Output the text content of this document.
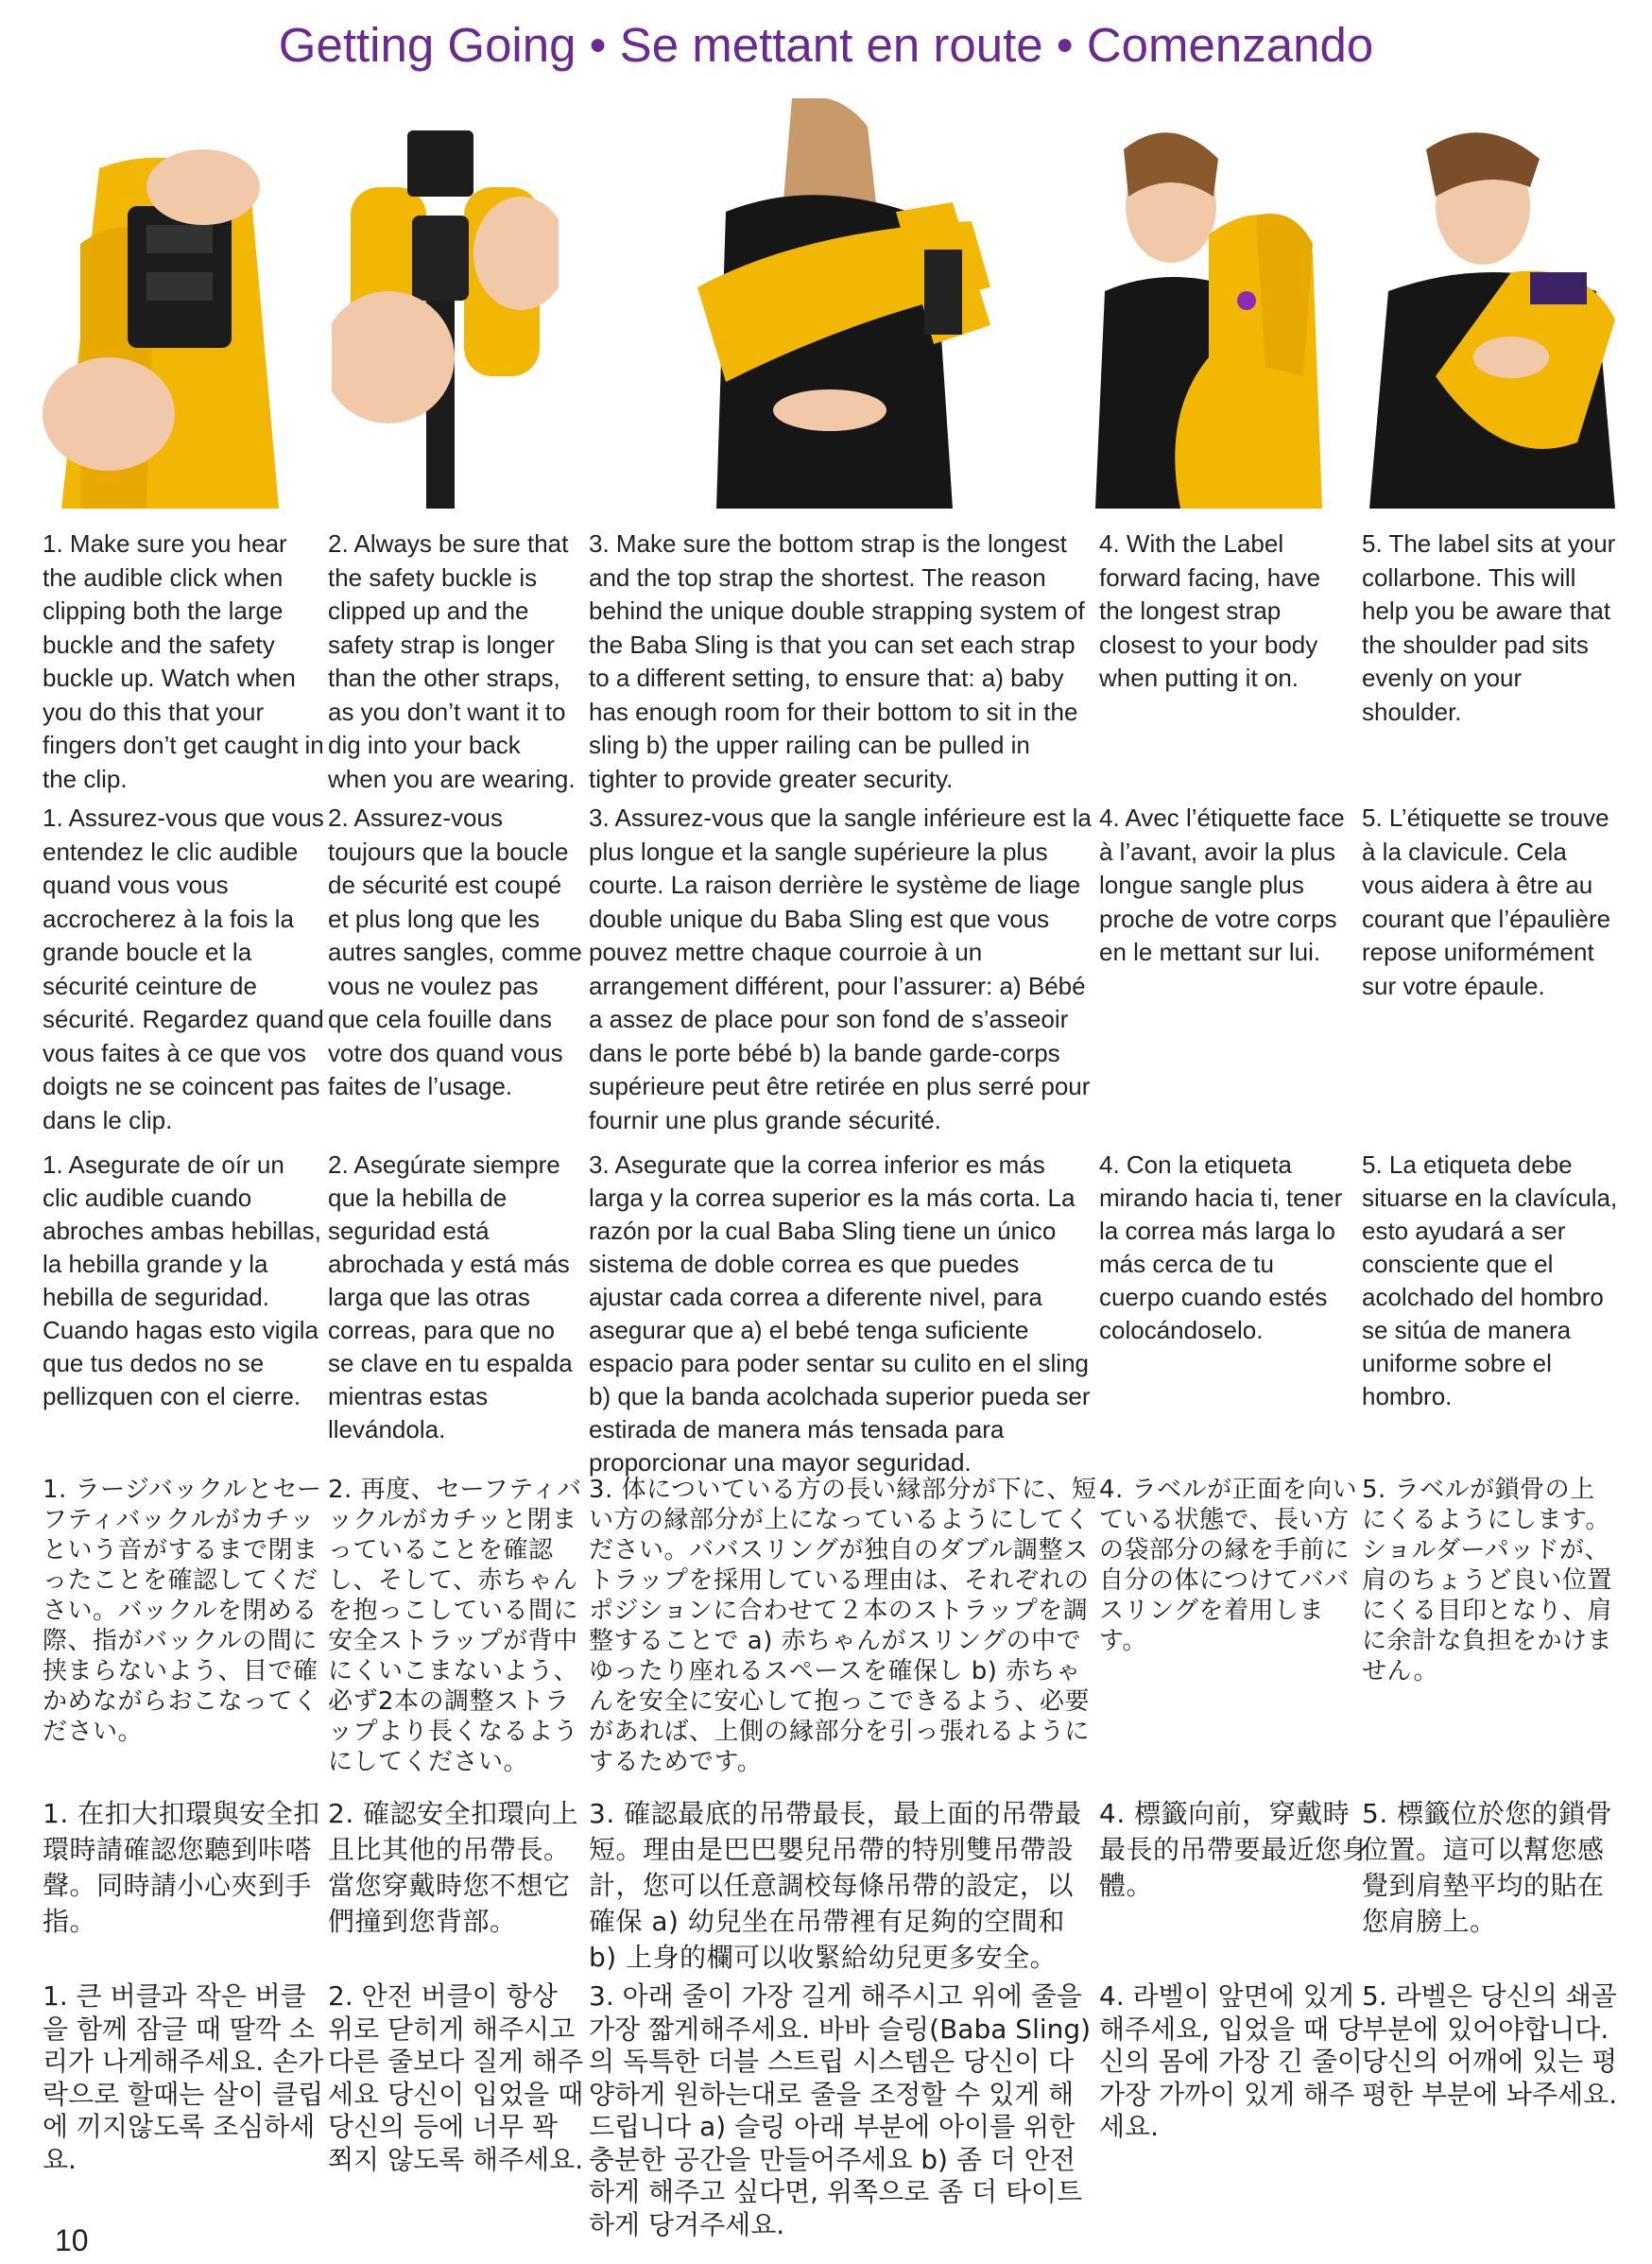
Getting Going • Se mettant en route • Comenzando
1. Make sure you hear the audible click when clipping both the large buckle and the safety buckle up. Watch when you do this that your fingers don’t get caught in the clip.
2. Always be sure that the safety buckle is clipped up and the safety strap is longer than the other straps, as you don’t want it to dig into your back when you are wearing.
3. Make sure the bottom strap is the longest and the top strap the shortest. The reason behind the unique double strapping system of the Baba Sling is that you can set each strap to a different setting, to ensure that: a) baby has enough room for their bottom to sit in the sling b) the upper railing can be pulled in tighter to provide greater security.
4. With the Label forward facing, have the longest strap closest to your body when putting it on.
5. The label sits at your collarbone. This will help you be aware that the shoulder pad sits evenly on your shoulder.
1. Assurez-vous que vous entendez le clic audible quand vous vous accrocherez à la fois la grande boucle et la sécurité ceinture de sécurité. Regardez quand vous faites à ce que vos doigts ne se coincent pas dans le clip.
2. Assurez-vous toujours que la boucle de sécurité est coupé et plus long que les autres sangles, comme vous ne voulez pas que cela fouille dans votre dos quand vous faites de l’usage.
3. Assurez-vous que la sangle inférieure est la plus longue et la sangle supérieure la plus courte. La raison derrière le système de liage double unique du Baba Sling est que vous pouvez mettre chaque courroie à un arrangement différent, pour l’assurer: a) Bébé a assez de place pour son fond de s’asseoir dans le porte bébé b) la bande garde-corps supérieure peut être retirée en plus serré pour fournir une plus grande sécurité.
4. Avec l’étiquette face à l’avant, avoir la plus longue sangle plus proche de votre corps en le mettant sur lui.
5. L’étiquette se trouve à la clavicule. Cela vous aidera à être au courant que l’épaulière repose uniformément sur votre épaule.
1. Asegurate de oír un clic audible cuando abroches ambas hebillas, la hebilla grande y la hebilla de seguridad. Cuando hagas esto vigila que tus dedos no se pellizquen con el cierre.
2. Asegúrate siempre que la hebilla de seguridad está abrochada y está más larga que las otras correas, para que no se clave en tu espalda mientras estas llevándola.
3. Asegurate que la correa inferior es más larga y la correa superior es la más corta. La razón por la cual Baba Sling tiene un único sistema de doble correa es que puedes ajustar cada correa a diferente nivel, para asegurar que a) el bebé tenga suficiente espacio para poder sentar su culito en el sling b) que la banda acolchada superior pueda ser estirada de manera más tensada para proporcionar una mayor seguridad.
4. Con la etiqueta mirando hacia ti, tener la correa más larga lo más cerca de tu cuerpo cuando estés colocándoselo.
5. La etiqueta debe situarse en la clavícula, esto ayudará a ser consciente que el acolchado del hombro se sitúa de manera uniforme sobre el hombro.
1. ラージバックルとセーフティバックルがカチッという音がするまで閉まったことを確認してください。バックルを閉める際、指がバックルの間に挟まらないよう、目で確かめながらおこなってください。
2. 再度、セーフティバックルがカチッと閉まっていることを確認し、そして、赤ちゃんを抱っこしている間に安全ストラップが背中にくいこまないよう、必ず2本の調整ストラップより長くなるようにしてください。
3. 体についている方の長い縁部分が下に、短い方の縁部分が上になっているようにしてください。ババスリングが独自のダブル調整ストラップを採用している理由は、それぞれのポジションに合わせて２本のストラップを調整することで a) 赤ちゃんがスリングの中でゆったり座れるスペースを確保し b) 赤ちゃんを安全に安心して抱っこできるよう、必要があれば、上側の縁部分を引っ張れるようにするためです。
4. ラベルが正面を向いている状態で、長い方の袋部分の縁を手前に自分の体につけてババスリングを着用します。
5. ラベルが鎖骨の上にくるようにします。 ショルダーパッドが、肩のちょうど良い位置にくる目印となり、肩に余計な負担をかけません。
1. 在扣大扣環與安全扣環時請確認您聽到咔嗒聲。同時請小心夾到手指。
2. 確認安全扣環向上且比其他的吊帶長。當您穿戴時您不想它們撞到您背部。
3. 確認最底的吊帶最長，最上面的吊帶最短。理由是巴巴嬰兒吊帶的特別雙吊帶設計，您可以任意調校每條吊帶的設定，以確保 a) 幼兒坐在吊帶裡有足夠的空間和 b) 上身的欄可以收緊給幼兒更多安全。
4. 標籤向前，穿戴時最長的吊帶要最近您身體。
5. 標籤位於您的鎖骨位置。這可以幫您感覺到肩墊平均的貼在您肩膀上。
1. 큰 버클과 작은 버클을 함께 잠글 때 딸깍 소리가 나게해주세요. 손가락으로 할때는 살이 클립에 끼지않도록 조심하세요.
2. 안전 버클이 항상 위로 닫히게 해주시고 다른 줄보다 질게 해주세요 당신이 입었을 때 당신의 등에 너무 꽉 쬐지 않도록 해주세요.
3. 아래 줄이 가장 길게 해주시고 위에 줄을 가장 짧게해주세요. 바바 슬링(Baba Sling)의 독특한 더블 스트립 시스템은 당신이 다양하게 원하는대로 줄을 조정할 수 있게 해드립니다 a) 슬링 아래 부분에 아이를 위한 충분한 공간을 만들어주세요 b) 좀 더 안전하게 해주고 싶다면, 위쪽으로 좀 더 타이트하게 당겨주세요.
4. 라벨이 앞면에 있게해주세요, 입었을 때 당신의 몸에 가장 긴 줄이 가장 가까이 있게 해주세요.
5. 라벨은 당신의 쇄골 부분에 있어야합니다. 당신의 어깨에 있는 평평한 부분에 놔주세요.
10
